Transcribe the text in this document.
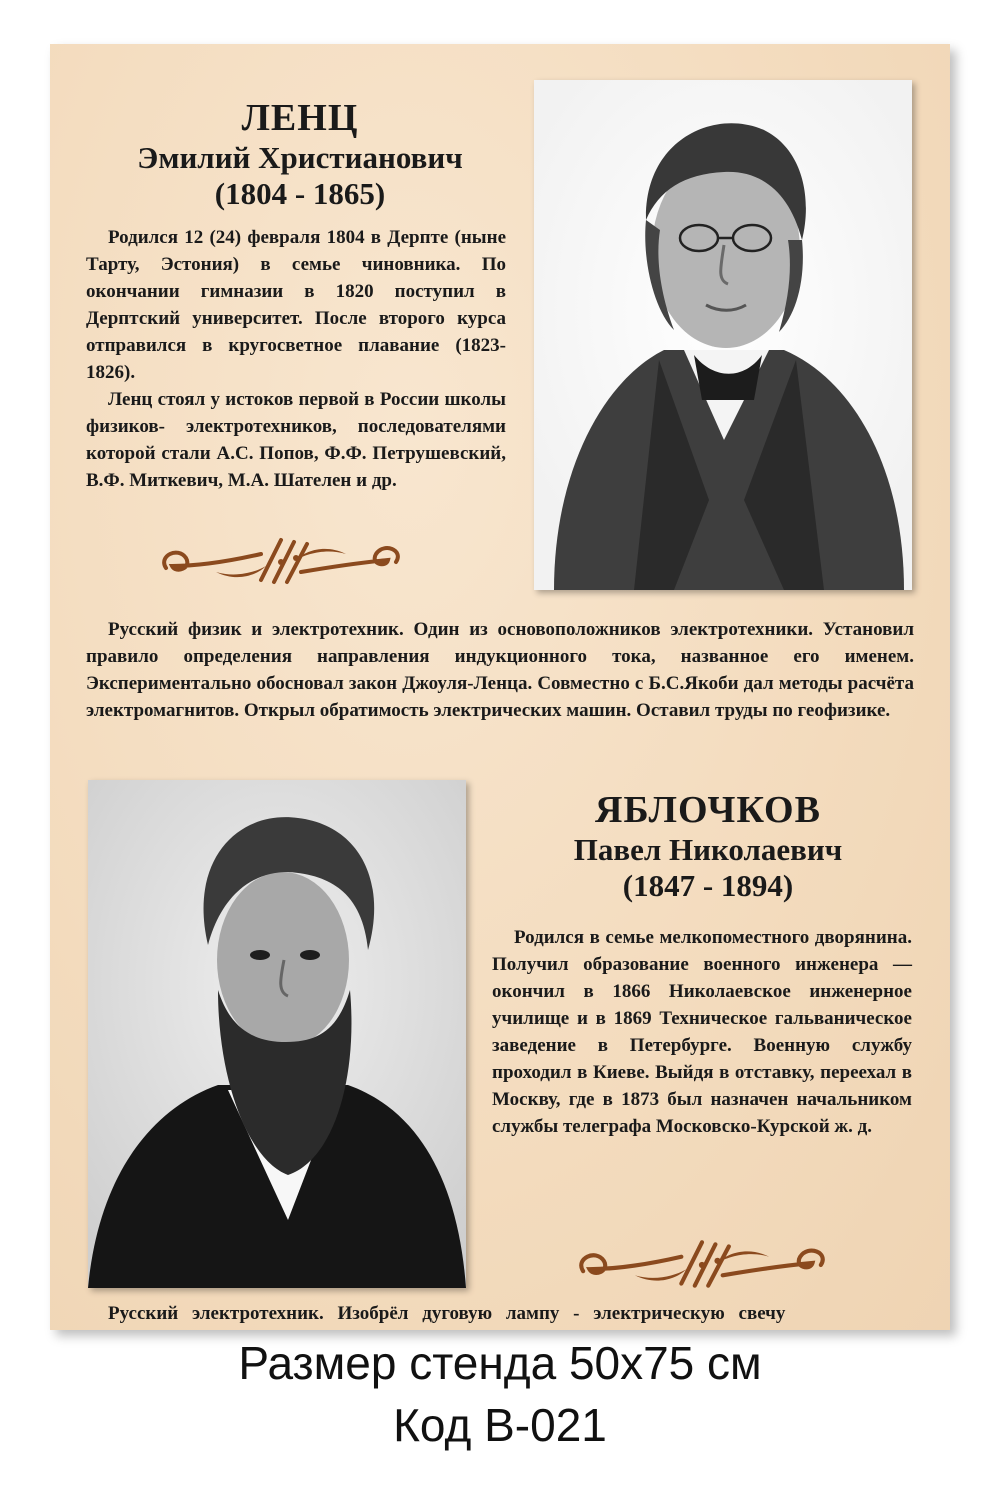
ЛЕНЦ
Эмилий Христианович
(1804 - 1865)

Родился 12 (24) февраля 1804 в Дерпте (ныне Тарту, Эстония) в семье чиновника. По окончании гимназии в 1820 поступил в Дерптский университет. После второго курса отправился в кругосветное плавание (1823-1826).

Ленц стоял у истоков первой в России школы физиков- электротехников, последователями которой стали А.С. Попов, Ф.Ф. Петрушевский, В.Ф. Миткевич, М.А. Шателен и др.

Русский физик и электротехник. Один из основоположников электротехники. Установил правило определения направления индукционного тока, названное его именем. Экспериментально обосновал закон Джоуля-Ленца. Совместно с Б.С.Якоби дал методы расчёта электромагнитов. Открыл обратимость электрических машин. Оставил труды по геофизике.

ЯБЛОЧКОВ
Павел Николаевич
(1847 - 1894)

Родился в семье мелкопоместного дворянина. Получил образование военного инженера — окончил в 1866 Николаевское инженерное училище и в 1869 Техническое гальваническое заведение в Петербурге. Военную службу проходил в Киеве. Выйдя в отставку, переехал в Москву, где в 1873 был назначен начальником службы телеграфа Московско-Курской ж. д.

Русский электротехник. Изобрёл дуговую лампу - электрическую свечу

Размер стенда 50х75 см

Код В-021
